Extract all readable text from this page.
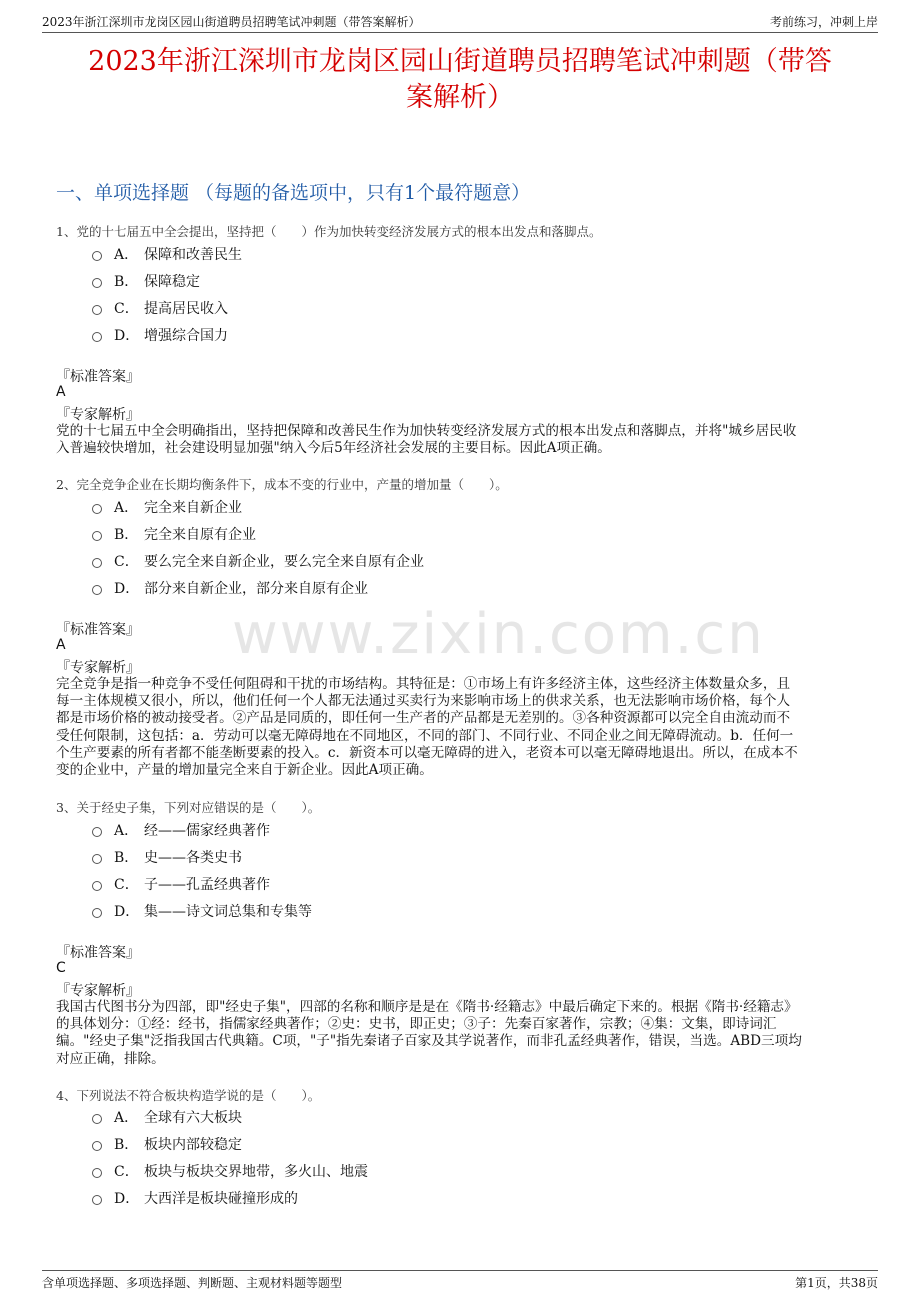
2023年浙江深圳市龙岗区园山街道聘员招聘笔试冲刺题（带答案解析）	考前练习，冲刺上岸
2023年浙江深圳市龙岗区园山街道聘员招聘笔试冲刺题（带答
案解析）
一、单项选择题 （每题的备选项中，只有1个最符题意）
www.zixin.com.cn
1、党的十七届五中全会提出，坚持把（　　）作为加快转变经济发展方式的根本出发点和落脚点。
A． 保障和改善民生
B． 保障稳定
C． 提高居民收入
D． 增强综合国力
『标准答案』
A
『专家解析』
党的十七届五中全会明确指出，坚持把保障和改善民生作为加快转变经济发展方式的根本出发点和落脚点，并将"城乡居民收
入普遍较快增加，社会建设明显加强"纳入今后5年经济社会发展的主要目标。因此A项正确。
2、完全竞争企业在长期均衡条件下，成本不变的行业中，产量的增加量（　　）。
A． 完全来自新企业
B． 完全来自原有企业
C． 要么完全来自新企业，要么完全来自原有企业
D． 部分来自新企业，部分来自原有企业
『标准答案』
A
『专家解析』
完全竞争是指一种竞争不受任何阻碍和干扰的市场结构。其特征是：①市场上有许多经济主体，这些经济主体数量众多，且
每一主体规模又很小，所以，他们任何一个人都无法通过买卖行为来影响市场上的供求关系，也无法影响市场价格，每个人
都是市场价格的被动接受者。②产品是同质的，即任何一生产者的产品都是无差别的。③各种资源都可以完全自由流动而不
受任何限制，这包括：a．劳动可以毫无障碍地在不同地区，不同的部门、不同行业、不同企业之间无障碍流动。b．任何一
个生产要素的所有者都不能垄断要素的投入。c．新资本可以毫无障碍的进入，老资本可以毫无障碍地退出。所以，在成本不
变的企业中，产量的增加量完全来自于新企业。因此A项正确。
3、关于经史子集，下列对应错误的是（　　）。
A． 经——儒家经典著作
B． 史——各类史书
C． 子——孔孟经典著作
D． 集——诗文词总集和专集等
『标准答案』
C
『专家解析』
我国古代图书分为四部，即"经史子集"，四部的名称和顺序是是在《隋书·经籍志》中最后确定下来的。根据《隋书·经籍志》
的具体划分：①经：经书，指儒家经典著作；②史：史书，即正史；③子：先秦百家著作，宗教；④集：文集，即诗词汇
编。"经史子集"泛指我国古代典籍。C项，"子"指先秦诸子百家及其学说著作，而非孔孟经典著作，错误，当选。ABD三项均
对应正确，排除。
4、下列说法不符合板块构造学说的是（　　）。
A． 全球有六大板块
B． 板块内部较稳定
C． 板块与板块交界地带，多火山、地震
D． 大西洋是板块碰撞形成的
含单项选择题、多项选择题、判断题、主观材料题等题型	第1页，共38页
